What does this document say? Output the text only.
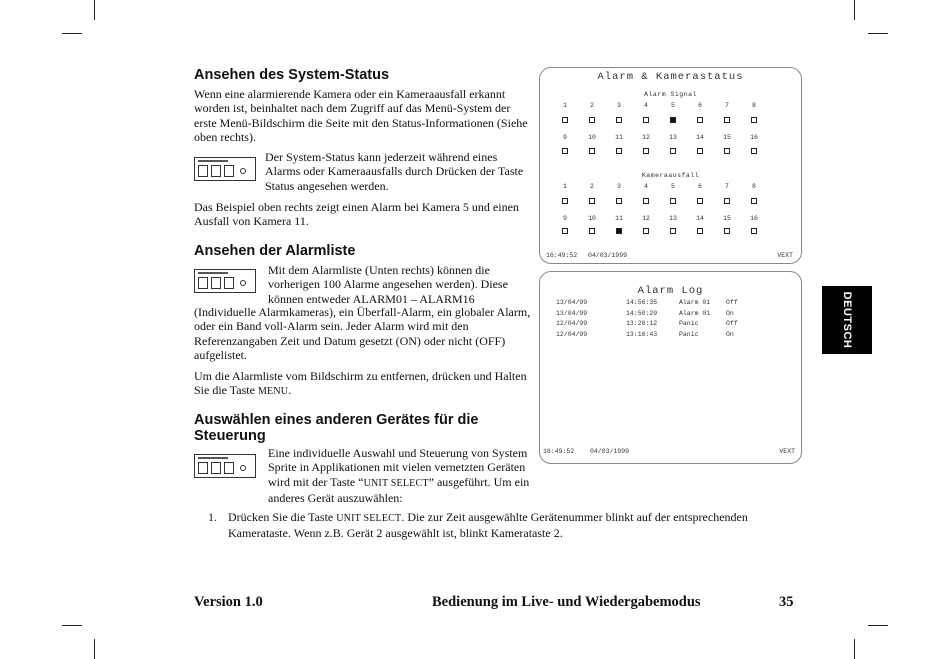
Ansehen des System-Status

Wenn eine alarmierende Kamera oder ein Kameraausfall erkannt worden ist, beinhaltet nach dem Zugriff auf das Menü-System der erste Menü-Bildschirm die Seite mit den Status-Informationen (Siehe oben rechts).

Der System-Status kann jederzeit während eines Alarms oder Kameraausfalls durch Drücken der Taste Status angesehen werden.

Das Beispiel oben rechts zeigt einen Alarm bei Kamera 5 und einen Ausfall von Kamera 11.

Ansehen der Alarmliste

Mit dem Alarmliste (Unten rechts) können die vorherigen 100 Alarme angesehen werden). Diese können entweder ALARM01 – ALARM16

(Individuelle Alarmkameras), ein Überfall-Alarm, ein globaler Alarm, oder ein Band voll-Alarm sein. Jeder Alarm wird mit den Referenzangaben Zeit und Datum gesetzt (ON) oder nicht (OFF) aufgelistet.

Um die Alarmliste vom Bildschirm zu entfernen, drücken und Halten Sie die Taste MENU.

Auswählen eines anderen Gerätes für die Steuerung

Eine individuelle Auswahl und Steuerung von System Sprite in Applikationen mit vielen vernetzten Geräten wird mit der Taste “UNIT SELECT” ausgeführt. Um ein anderes Gerät auszuwählen:

1. Drücken Sie die Taste UNIT SELECT. Die zur Zeit ausgewählte Gerätenummer blinkt auf der entsprechenden Kamerataste. Wenn z.B. Gerät 2 ausgewählt ist, blinkt Kamerataste 2.

Alarm & Kamerastatus
Alarm Signal
1	2	3	4	5	6	7	8
9	10	11	12	13	14	15	16
Kameraausfall
1	2	3	4	5	6	7	8
9	10	11	12	13	14	15	16
16:49:52 04/03/1999	VEXT
Alarm Log
13/04/99	14:56:35	Alarm 01 Off
13/04/99	14:50:29	Alarm 01 On
12/04/99	13:20:12	Panic	Off
12/04/99	13:16:43	Panic	On
16:49:52 04/03/1999	VEXT
DEUTSCH
Version 1.0	Bedienung im Live- und Wiedergabemodus	35
